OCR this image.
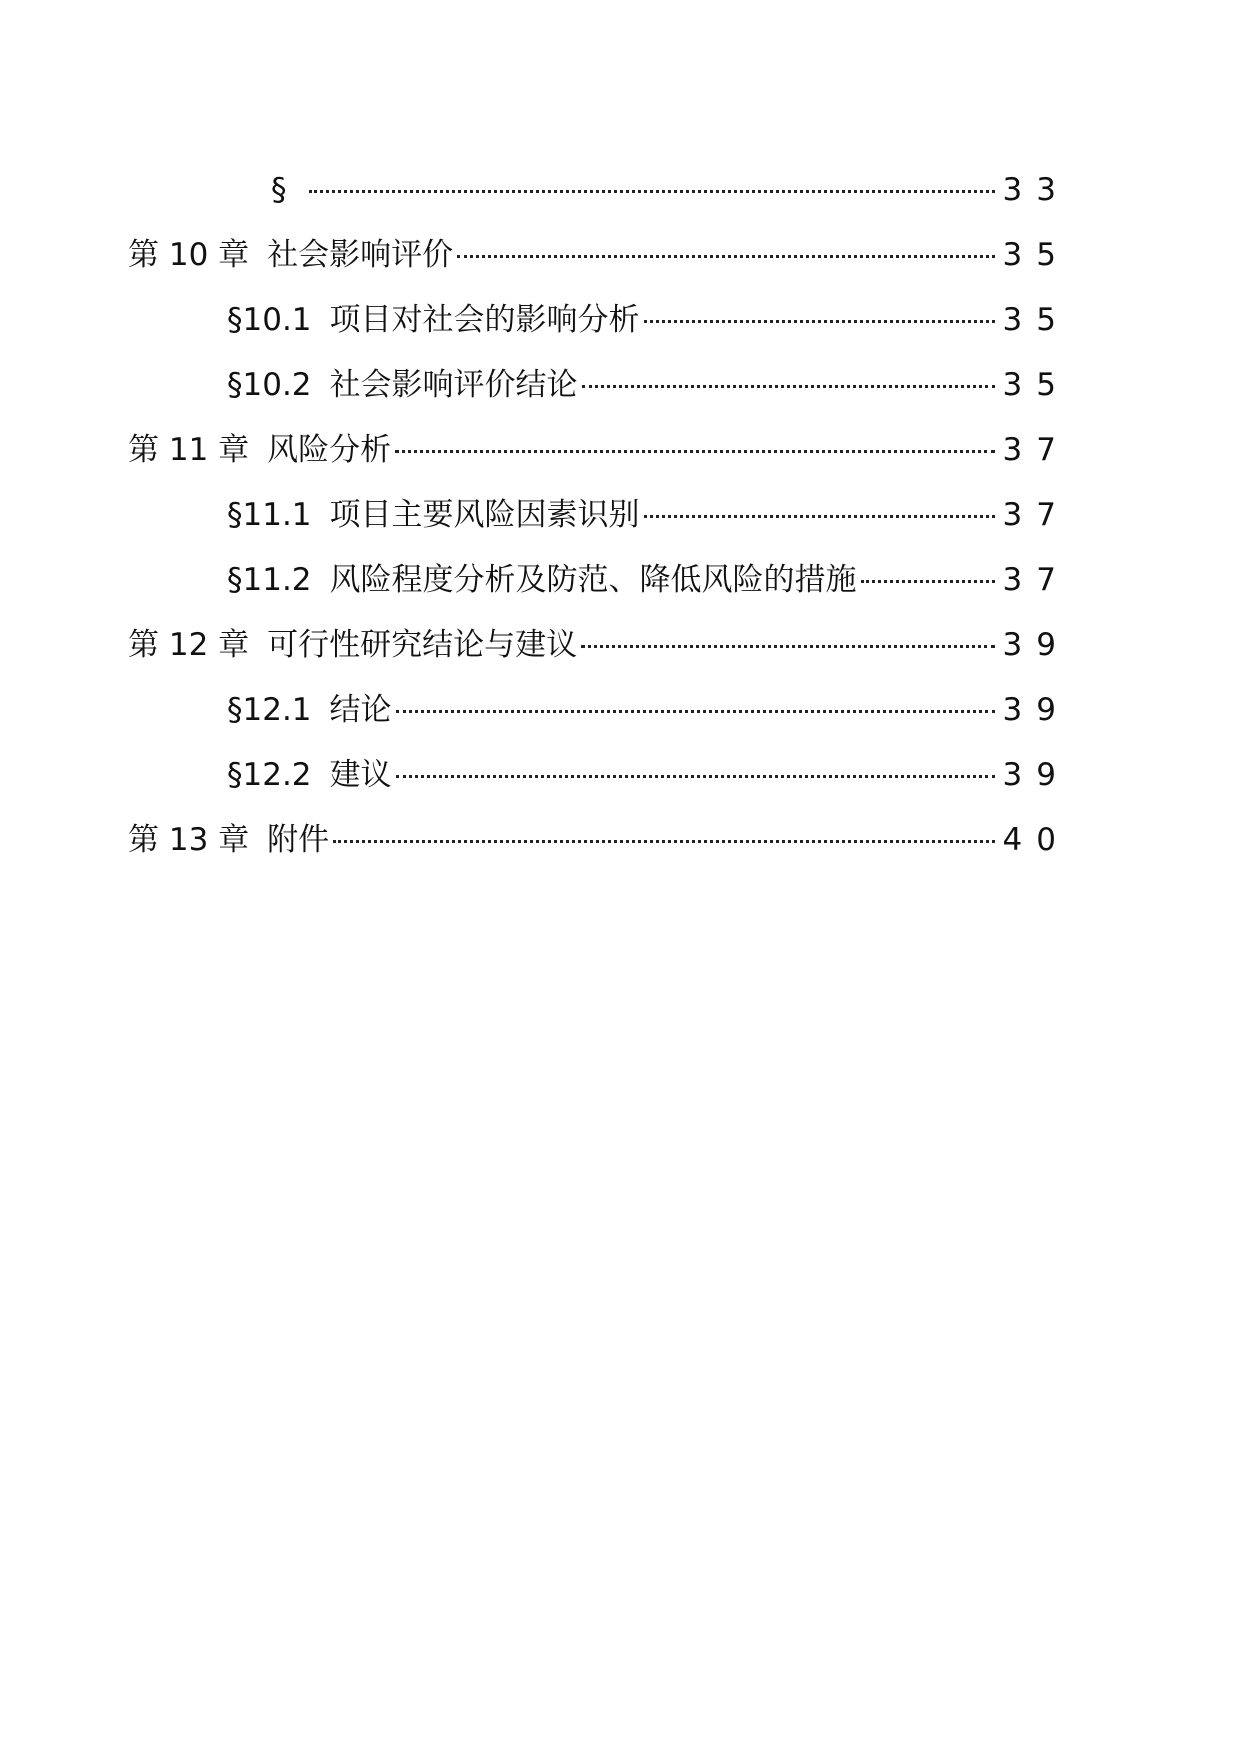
§	33
第 10 章 社会影响评价	35
§10.1 项目对社会的影响分析	35
§10.2 社会影响评价结论	35
第 11 章 风险分析	37
§11.1 项目主要风险因素识别	37
§11.2 风险程度分析及防范、降低风险的措施	37
第 12 章 可行性研究结论与建议	39
§12.1 结论	39
§12.2 建议	39
第 13 章 附件	40
